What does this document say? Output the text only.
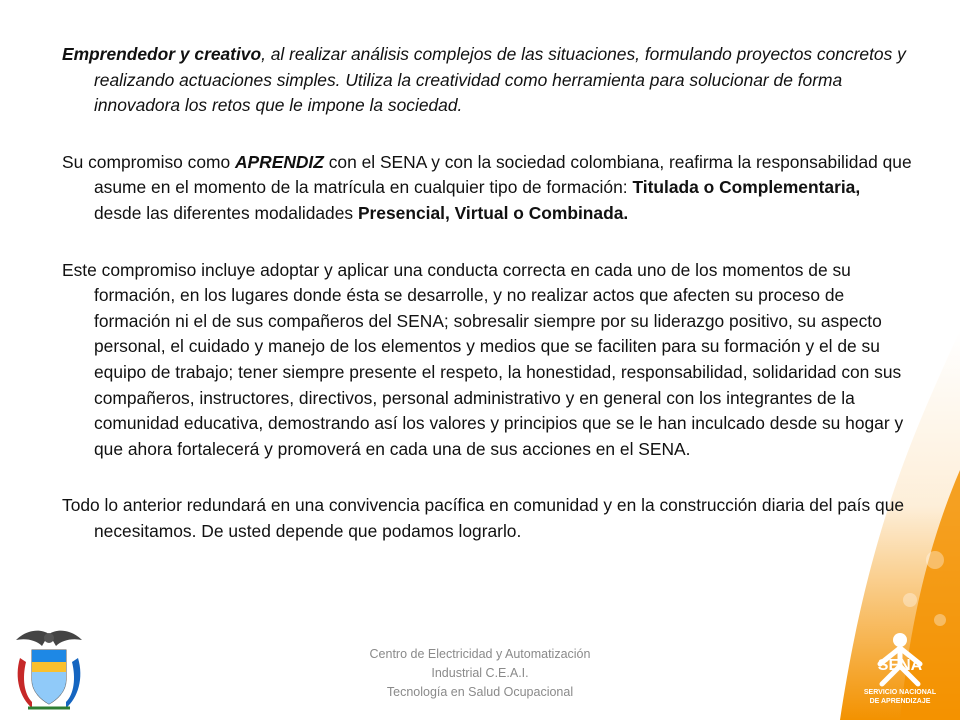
Emprendedor y creativo, al realizar análisis complejos de las situaciones, formulando proyectos concretos y realizando actuaciones simples. Utiliza la creatividad como herramienta para solucionar de forma innovadora los retos que le impone la sociedad.

Su compromiso como APRENDIZ con el SENA y con la sociedad colombiana, reafirma la responsabilidad que asume en el momento de la matrícula en cualquier tipo de formación: Titulada o Complementaria, desde las diferentes modalidades Presencial, Virtual o Combinada.

Este compromiso incluye adoptar y aplicar una conducta correcta en cada uno de los momentos de su formación, en los lugares donde ésta se desarrolle, y no realizar actos que afecten su proceso de formación ni el de sus compañeros del SENA; sobresalir siempre por su liderazgo positivo, su aspecto personal, el cuidado y manejo de los elementos y medios que se faciliten para su formación y el de su equipo de trabajo; tener siempre presente el respeto, la honestidad, responsabilidad, solidaridad con sus compañeros, instructores, directivos, personal administrativo y en general con los integrantes de la comunidad educativa, demostrando así los valores y principios que se le han inculcado desde su hogar y que ahora fortalecerá y promoverá en cada una de sus acciones en el SENA.

Todo lo anterior redundará en una convivencia pacífica en comunidad y en la construcción diaria del país que necesitamos. De usted depende que podamos lograrlo.

Centro de Electricidad y Automatización
Industrial C.E.A.I.
Tecnología en Salud Ocupacional
SENA
SERVICIO NACIONAL
DE APRENDIZAJE
